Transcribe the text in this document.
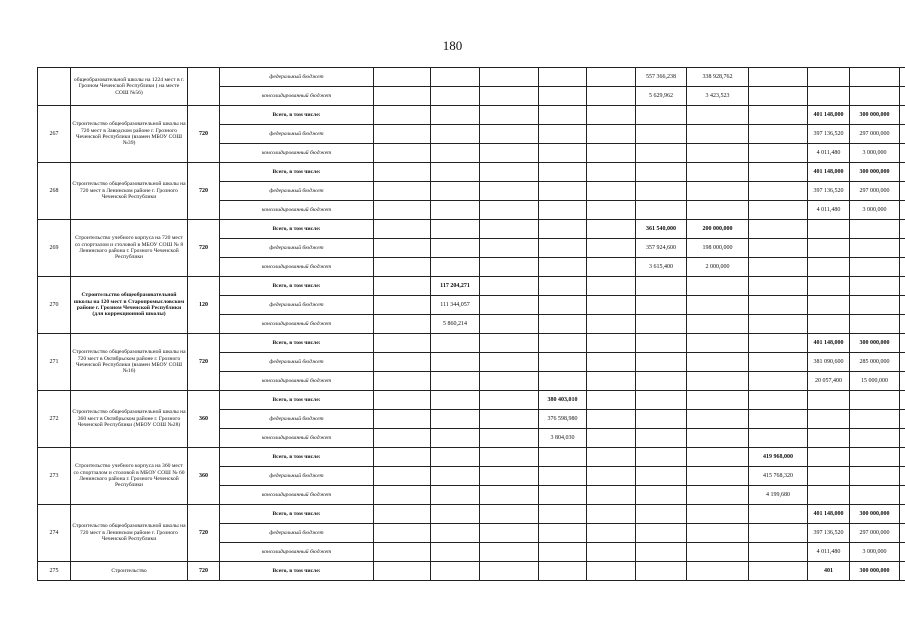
180
	общеобразовательной школы на 1224 мест в г. Грозном Чеченской Республики ( на месте СОШ №56)		федеральный бюджет						557 366,238	338 928,762				
			консолидированный бюджет						5 629,962	3 423,523				
267	Строительство общеобразовательной школы на 720 мест в Заводском районе г. Грозного Чеченской Республики (взамен МБОУ СОШ №39)	720	Всего, в том числе:									401 148,000	300 000,000	
			федеральный бюджет									397 136,520	297 000,000	
			консолидированный бюджет									4 011,480	3 000,000	
268	Строительство общеобразовательной школы на 720 мест в Ленинском районе г. Грозного Чеченской Республики	720	Всего, в том числе:									401 148,000	300 000,000	
			федеральный бюджет									397 136,520	297 000,000	
			консолидированный бюджет									4 011,480	3 000,000	
269	Строительство учебного корпуса на 720 мест со спортзалом и столовой в МБОУ СОШ № 8 Ленинского района г. Грозного Чеченской Республики	720	Всего, в том числе:						361 540,000	200 000,000				
			федеральный бюджет						357 924,600	198 000,000				
			консолидированный бюджет						3 615,400	2 000,000				
270	Строительство общеобразовательной школы на 120 мест в Старопромысловском районе г. Грозном Чеченской Республики (для коррекционной школы)	120	Всего, в том числе:		117 204,271									
			федеральный бюджет		111 344,057									
			консолидированный бюджет		5 860,214									
271	Строительство общеобразовательной школы на 720 мест в Октябрьском районе г. Грозного Чеченской Республики (взамен МБОУ СОШ №16)	720	Всего, в том числе:									401 148,000	300 000,000	
			федеральный бюджет									381 090,600	285 000,000	
			консолидированный бюджет									20 057,400	15 000,000	
272	Строительство общеобразовательной школы на 360 мест в Октябрьском районе г. Грозного Чеченской Республики (МБОУ СОШ №28)	360	Всего, в том числе:				380 403,010							
			федеральный бюджет				376 598,980							
			консолидированный бюджет				3 804,030							
273	Строительство учебного корпуса на 360 мест со спортзалом и столовой в МБОУ СОШ № 60 Ленинского района г. Грозного Чеченской Республики	360	Всего, в том числе:								419 968,000			
			федеральный бюджет								415 768,320			
			консолидированный бюджет								4 199,680			
274	Строительство общеобразовательной школы на 720 мест в Ленинском районе г. Грозного Чеченской Республики	720	Всего, в том числе:									401 148,000	300 000,000	
			федеральный бюджет									397 136,520	297 000,000	
			консолидированный бюджет									4 011,480	3 000,000	
275	Строительство	720	Всего, в том числе:									401	300 000,000	
